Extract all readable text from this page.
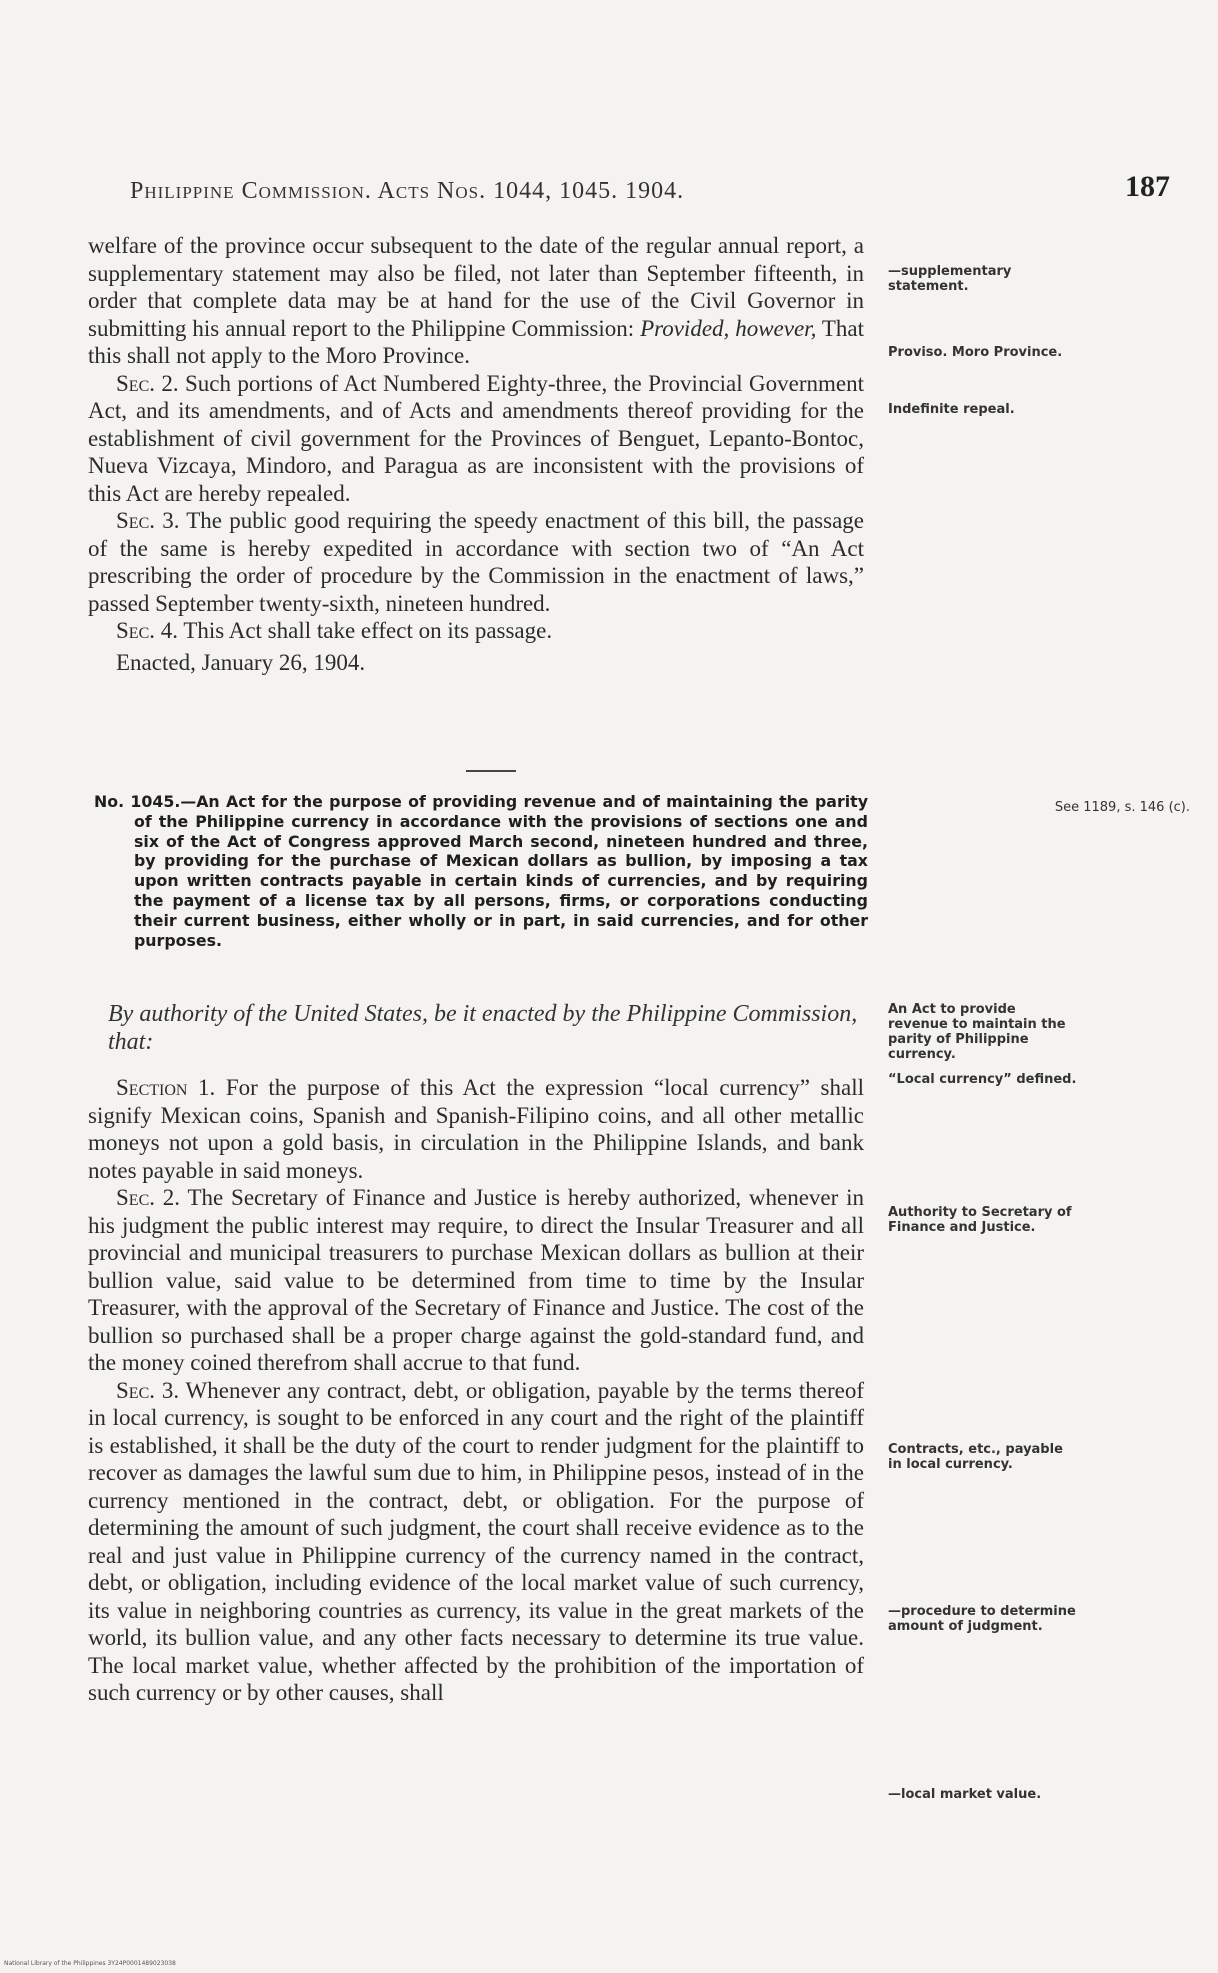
Philippine Commission. Acts Nos. 1044, 1045. 1904.	187

welfare of the province occur subsequent to the date of the regular annual report, a supplementary statement may also be filed, not later than September fifteenth, in order that complete data may be at hand for the use of the Civil Governor in submitting his annual report to the Philippine Commission: Provided, however, That this shall not apply to the Moro Province.

Sec. 2. Such portions of Act Numbered Eighty-three, the Provincial Government Act, and its amendments, and of Acts and amendments thereof providing for the establishment of civil government for the Provinces of Benguet, Lepanto-Bontoc, Nueva Vizcaya, Mindoro, and Paragua as are inconsistent with the provisions of this Act are hereby repealed.

Sec. 3. The public good requiring the speedy enactment of this bill, the passage of the same is hereby expedited in accordance with section two of “An Act prescribing the order of procedure by the Commission in the enactment of laws,” passed September twenty-sixth, nineteen hundred.

Sec. 4. This Act shall take effect on its passage.

Enacted, January 26, 1904.

No. 1045.—An Act for the purpose of providing revenue and of maintaining the parity of the Philippine currency in accordance with the provisions of sections one and six of the Act of Congress approved March second, nineteen hundred and three, by providing for the purchase of Mexican dollars as bullion, by imposing a tax upon written contracts payable in certain kinds of currencies, and by requiring the payment of a license tax by all persons, firms, or corporations conducting their current business, either wholly or in part, in said currencies, and for other purposes.
By authority of the United States, be it enacted by the Philippine Commission, that:

Section 1. For the purpose of this Act the expression “local currency” shall signify Mexican coins, Spanish and Spanish-Filipino coins, and all other metallic moneys not upon a gold basis, in circulation in the Philippine Islands, and bank notes payable in said moneys.

Sec. 2. The Secretary of Finance and Justice is hereby authorized, whenever in his judgment the public interest may require, to direct the Insular Treasurer and all provincial and municipal treasurers to purchase Mexican dollars as bullion at their bullion value, said value to be determined from time to time by the Insular Treasurer, with the approval of the Secretary of Finance and Justice. The cost of the bullion so purchased shall be a proper charge against the gold-standard fund, and the money coined therefrom shall accrue to that fund.

Sec. 3. Whenever any contract, debt, or obligation, payable by the terms thereof in local currency, is sought to be enforced in any court and the right of the plaintiff is established, it shall be the duty of the court to render judgment for the plaintiff to recover as damages the lawful sum due to him, in Philippine pesos, instead of in the currency mentioned in the contract, debt, or obligation. For the purpose of determining the amount of such judgment, the court shall receive evidence as to the real and just value in Philippine currency of the currency named in the contract, debt, or obligation, including evidence of the local market value of such currency, its value in neighboring countries as currency, its value in the great markets of the world, its bullion value, and any other facts necessary to determine its true value. The local market value, whether affected by the prohibition of the importation of such currency or by other causes, shall

—supplementary statement.
Proviso. Moro Province.
Indefinite repeal.
See 1189, s. 146 (c).
An Act to provide revenue to maintain the parity of Philippine currency.
“Local currency” defined.
Authority to Secretary of Finance and Justice.
Contracts, etc., payable in local currency.
—procedure to determine amount of judgment.
—local market value.
National Library of the Philippines 3Y24P0001489023038
